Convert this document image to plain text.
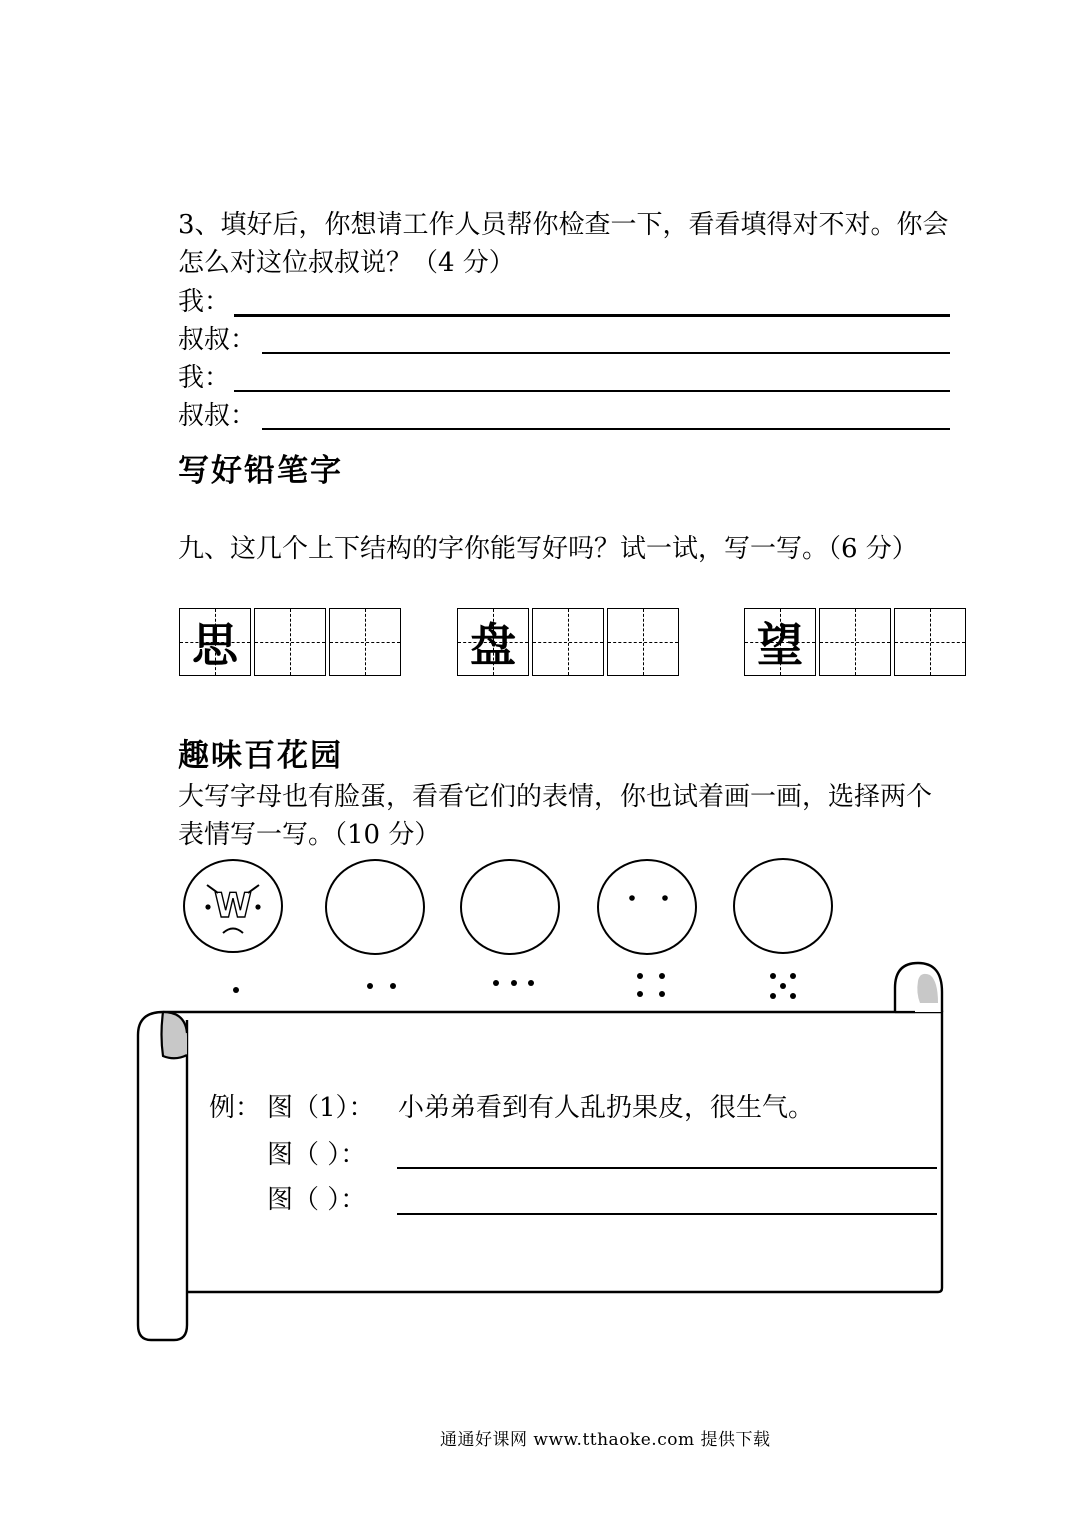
3、填好后，你想请工作人员帮你检查一下，看看填得对不对。你会
怎么对这位叔叔说？（4 分）
我：
叔叔：
我：
叔叔：
写好铅笔字
九、这几个上下结构的字你能写好吗？试一试，写一写。（6 分）
思	盘	望
趣味百花园
大写字母也有脸蛋，看看它们的表情，你也试着画一画，选择两个
表情写一写。（10 分）
W
例： 图（1）： 小弟弟看到有人乱扔果皮，很生气。
图（ ）：
图（ ）：
通通好课网 www.tthaoke.com 提供下载
